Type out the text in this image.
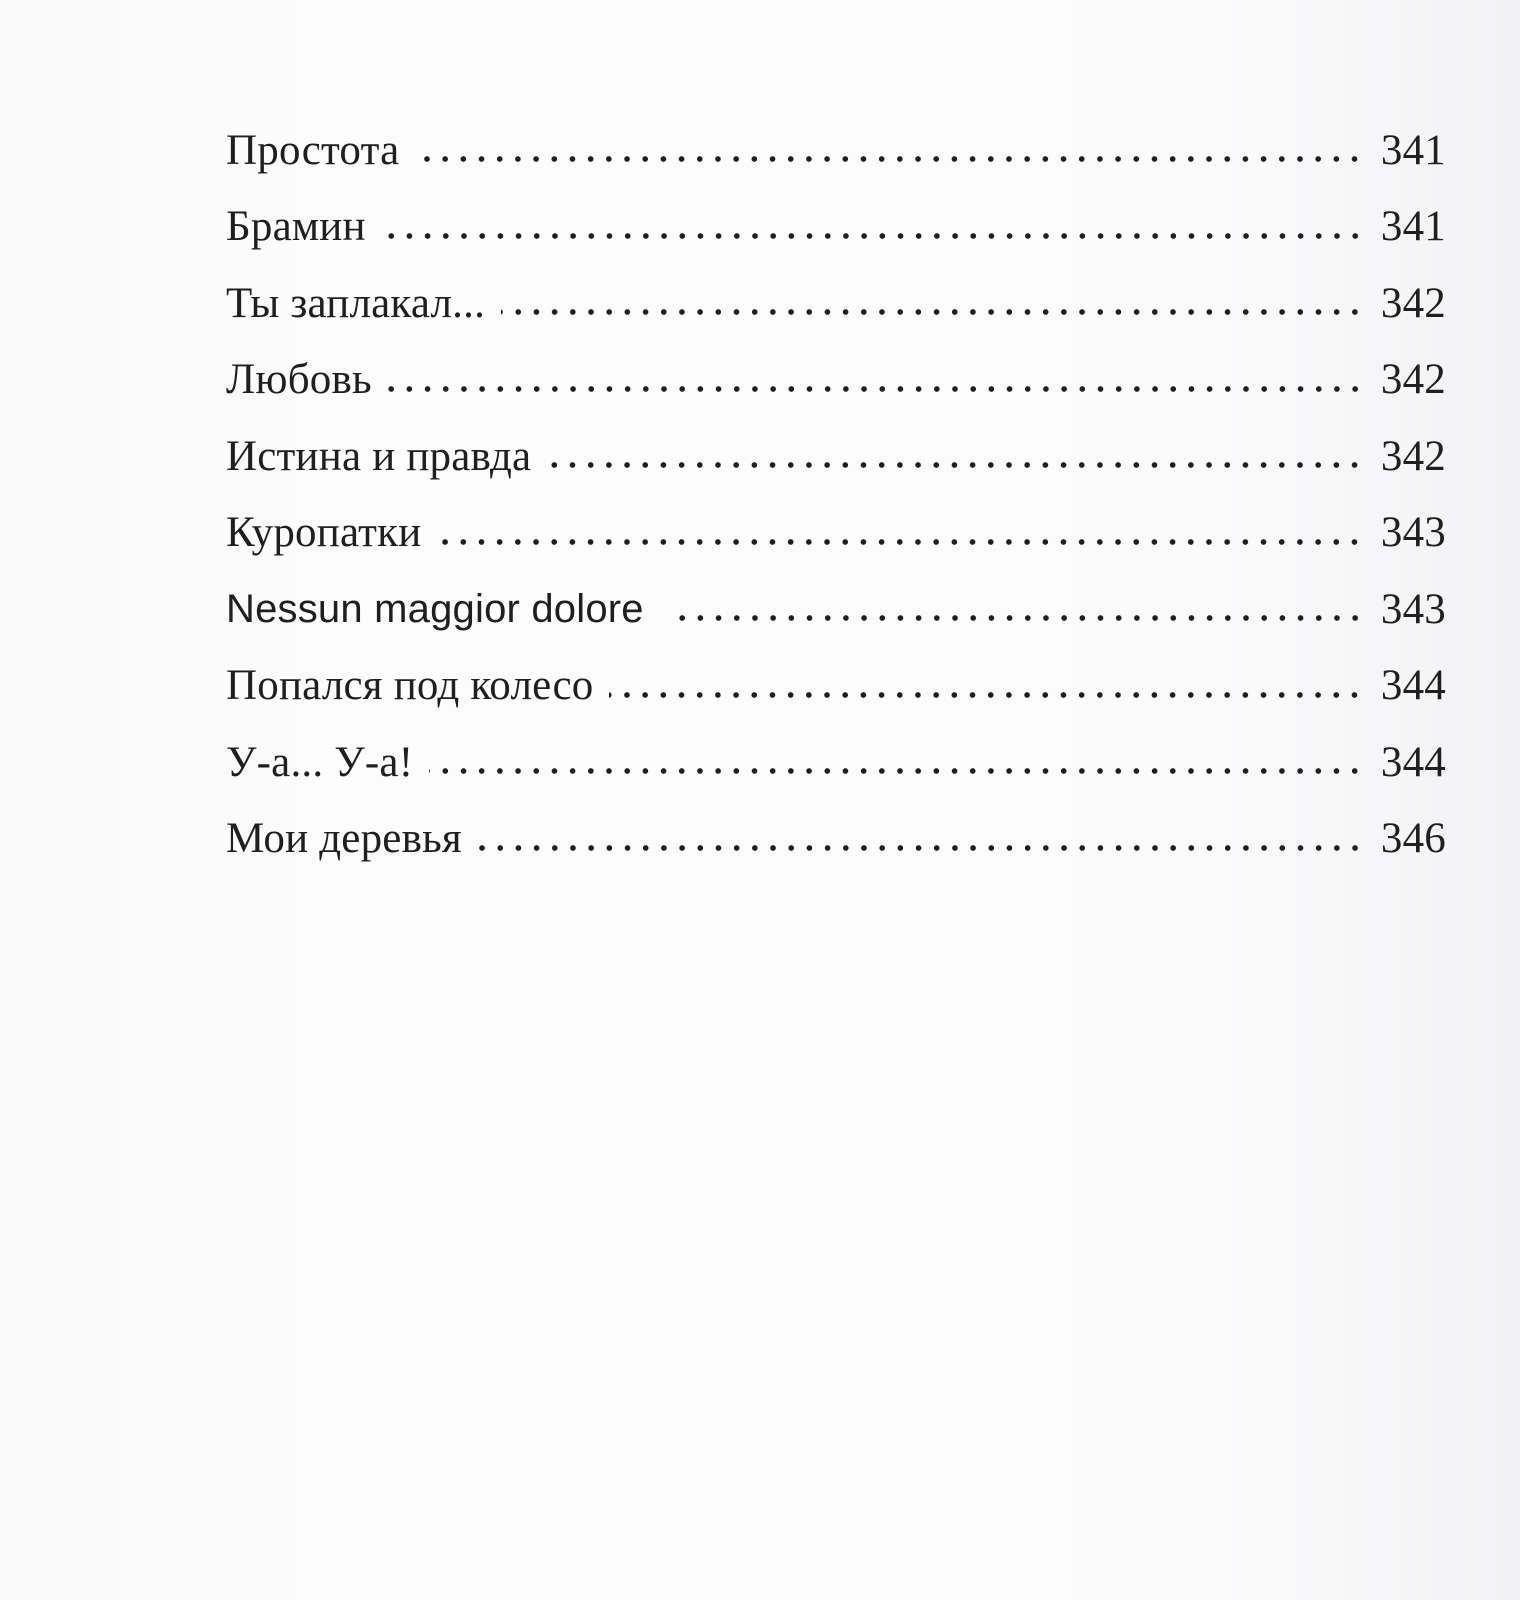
Простота	341
Брамин	341
Ты заплакал...	342
Любовь	342
Истина и правда	342
Куропатки	343
Nessun maggior dolore	343
Попался под колесо	344
У-а... У-а!	344
Мои деревья	346
